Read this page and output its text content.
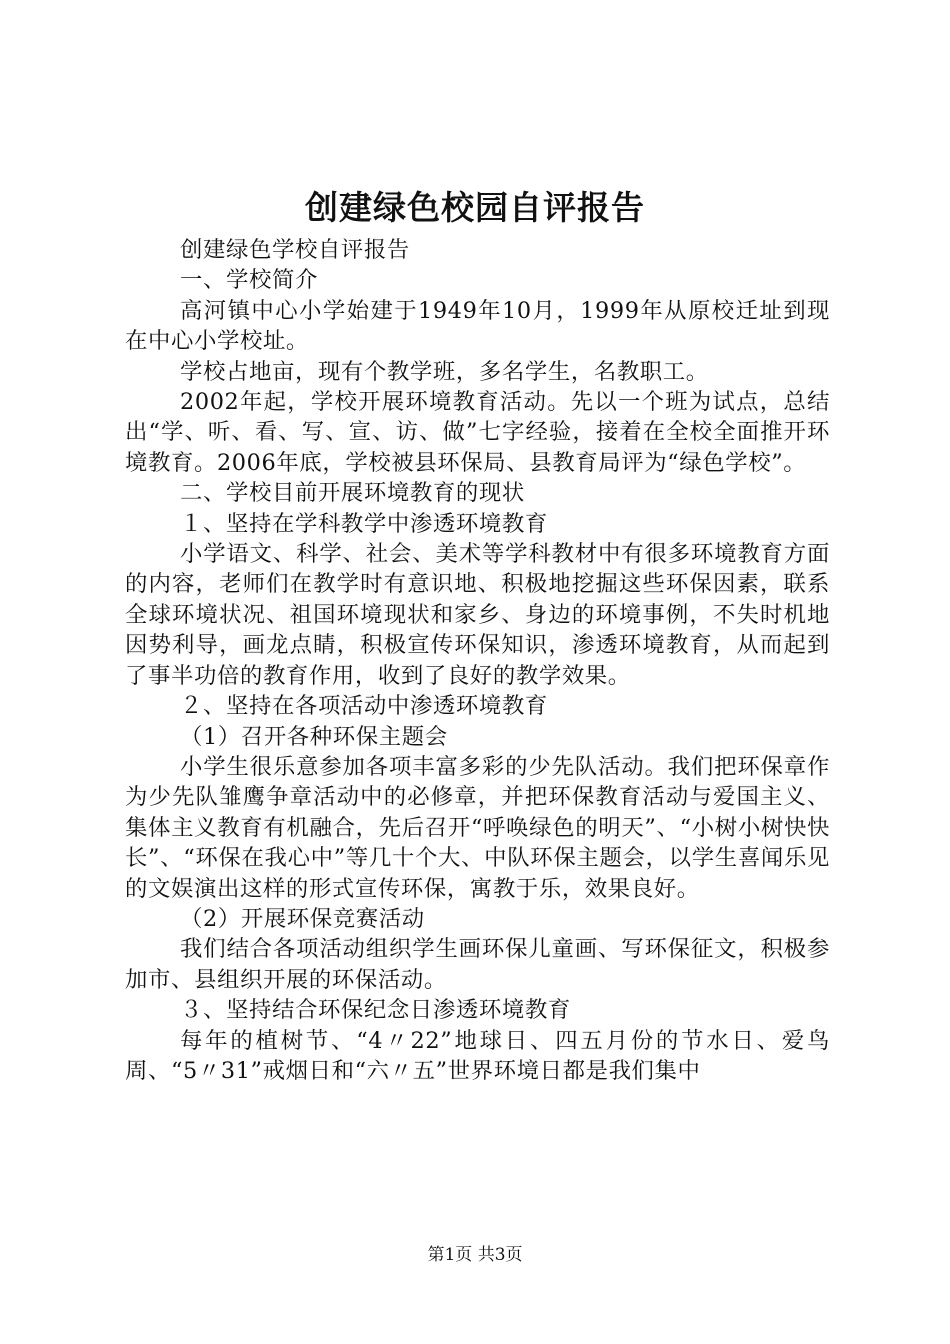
创建绿色校园自评报告

创建绿色学校自评报告

一、学校简介

高河镇中心小学始建于1949年10月，1999年从原校迁址到现在中心小学校址。

学校占地亩，现有个教学班，多名学生，名教职工。

2002年起，学校开展环境教育活动。先以一个班为试点，总结出“学、听、看、写、宣、访、做”七字经验，接着在全校全面推开环境教育。2006年底，学校被县环保局、县教育局评为“绿色学校”。

二、学校目前开展环境教育的现状

１、坚持在学科教学中渗透环境教育

小学语文、科学、社会、美术等学科教材中有很多环境教育方面的内容，老师们在教学时有意识地、积极地挖掘这些环保因素，联系全球环境状况、祖国环境现状和家乡、身边的环境事例，不失时机地因势利导，画龙点睛，积极宣传环保知识，渗透环境教育，从而起到了事半功倍的教育作用，收到了良好的教学效果。

２、坚持在各项活动中渗透环境教育

（1）召开各种环保主题会

小学生很乐意参加各项丰富多彩的少先队活动。我们把环保章作为少先队雏鹰争章活动中的必修章，并把环保教育活动与爱国主义、集体主义教育有机融合，先后召开“呼唤绿色的明天”、“小树小树快快长”、“环保在我心中”等几十个大、中队环保主题会，以学生喜闻乐见的文娱演出这样的形式宣传环保，寓教于乐，效果良好。

（2）开展环保竞赛活动

我们结合各项活动组织学生画环保儿童画、写环保征文，积极参加市、县组织开展的环保活动。

３、坚持结合环保纪念日渗透环境教育

每年的植树节、“4〃22”地球日、四五月份的节水日、爱鸟周、“5〃31”戒烟日和“六〃五”世界环境日都是我们集中

第1页 共3页
